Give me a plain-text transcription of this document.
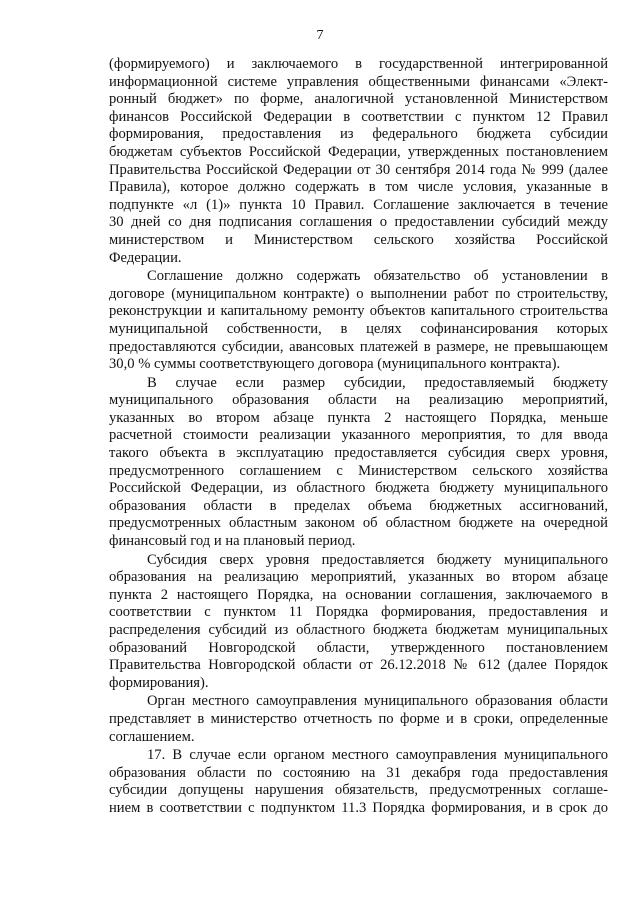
7
(формируемого) и заключаемого в государственной интегрированной
информационной системе управления общественными финансами «Элект-
ронный бюджет» по форме, аналогичной установленной Министерством
финансов Российской Федерации в соответствии с пунктом 12 Правил
формирования, предоставления из федерального бюджета субсидии
бюджетам субъектов Российской Федерации, утвержденных постановлением
Правительства Российской Федерации от 30 сентября 2014 года № 999 (далее
Правила), которое должно содержать в том числе условия, указанные в
подпункте «л (1)» пункта 10 Правил. Соглашение заключается в течение
30 дней со дня подписания соглашения о предоставлении субсидий между
министерством и Министерством сельского хозяйства Российской
Федерации.
Соглашение должно содержать обязательство об установлении в
договоре (муниципальном контракте) о выполнении работ по строительству,
реконструкции и капитальному ремонту объектов капитального строительства
муниципальной собственности, в целях софинансирования которых
предоставляются субсидии, авансовых платежей в размере, не превышающем
30,0 % суммы соответствующего договора (муниципального контракта).
В случае если размер субсидии, предоставляемый бюджету
муниципального образования области на реализацию мероприятий,
указанных во втором абзаце пункта 2 настоящего Порядка, меньше
расчетной стоимости реализации указанного мероприятия, то для ввода
такого объекта в эксплуатацию предоставляется субсидия сверх уровня,
предусмотренного соглашением с Министерством сельского хозяйства
Российской Федерации, из областного бюджета бюджету муниципального
образования области в пределах объема бюджетных ассигнований,
предусмотренных областным законом об областном бюджете на очередной
финансовый год и на плановый период.
Субсидия сверх уровня предоставляется бюджету муниципального
образования на реализацию мероприятий, указанных во втором абзаце
пункта 2 настоящего Порядка, на основании соглашения, заключаемого в
соответствии с пунктом 11 Порядка формирования, предоставления и
распределения субсидий из областного бюджета бюджетам муниципальных
образований Новгородской области, утвержденного постановлением
Правительства Новгородской области от 26.12.2018 № 612 (далее Порядок
формирования).
Орган местного самоуправления муниципального образования области
представляет в министерство отчетность по форме и в сроки, определенные
соглашением.
17. В случае если органом местного самоуправления муниципального
образования области по состоянию на 31 декабря года предоставления
субсидии допущены нарушения обязательств, предусмотренных соглаше-
нием в соответствии с подпунктом 11.3 Порядка формирования, и в срок до
